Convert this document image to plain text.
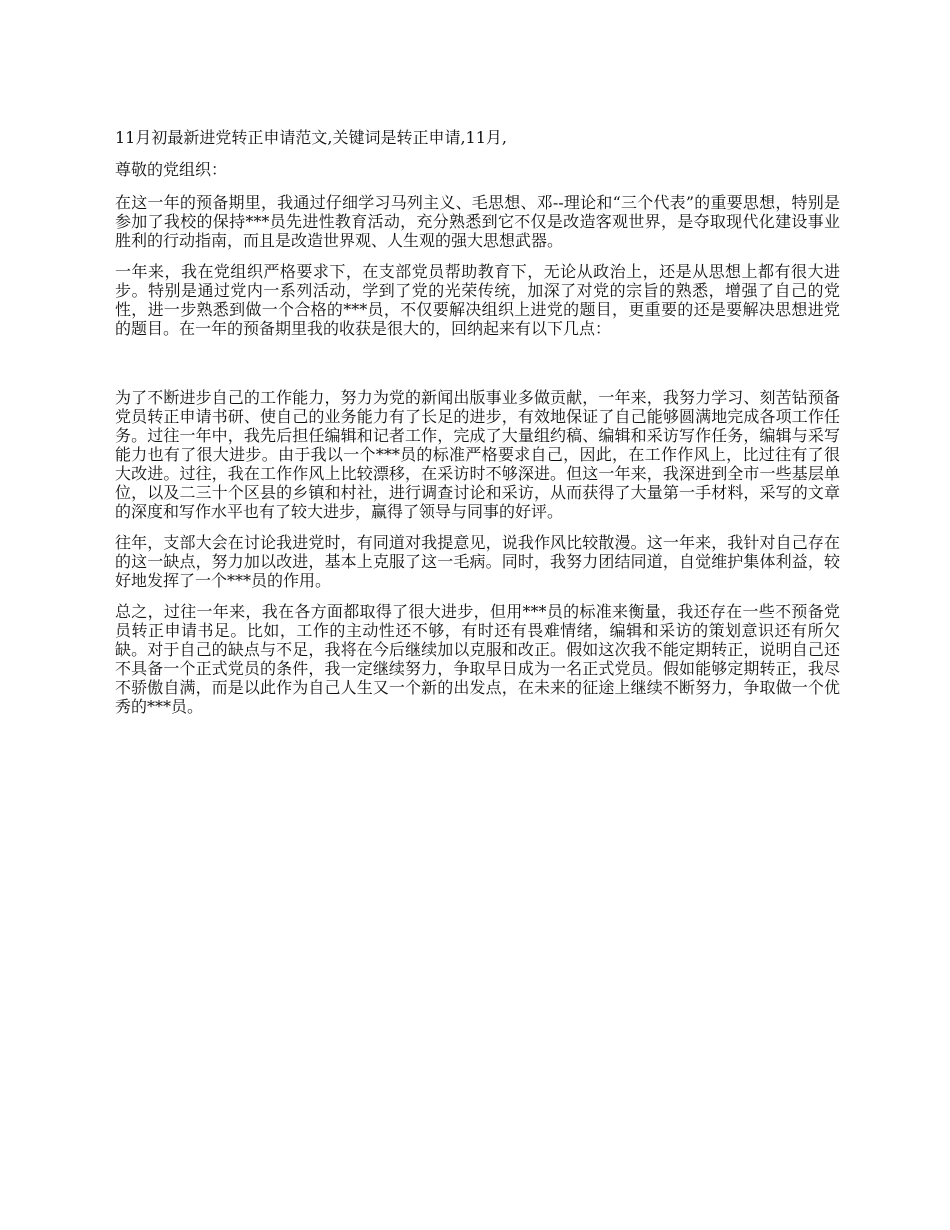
11月初最新进党转正申请范文,关键词是转正申请,11月,

尊敬的党组织：

在这一年的预备期里，我通过仔细学习马列主义、毛思想、邓--理论和“三个代表”的重要思想，特别是参加了我校的保持***员先进性教育活动，充分熟悉到它不仅是改造客观世界，是夺取现代化建设事业胜利的行动指南，而且是改造世界观、人生观的强大思想武器。

一年来，我在党组织严格要求下，在支部党员帮助教育下，无论从政治上，还是从思想上都有很大进步。特别是通过党内一系列活动，学到了党的光荣传统，加深了对党的宗旨的熟悉，增强了自己的党性，进一步熟悉到做一个合格的***员，不仅要解决组织上进党的题目，更重要的还是要解决思想进党的题目。在一年的预备期里我的收获是很大的，回纳起来有以下几点：

为了不断进步自己的工作能力，努力为党的新闻出版事业多做贡献，一年来，我努力学习、刻苦钻预备党员转正申请书研、使自己的业务能力有了长足的进步，有效地保证了自己能够圆满地完成各项工作任务。过往一年中，我先后担任编辑和记者工作，完成了大量组约稿、编辑和采访写作任务，编辑与采写能力也有了很大进步。由于我以一个***员的标准严格要求自己，因此，在工作作风上，比过往有了很大改进。过往，我在工作作风上比较漂移，在采访时不够深进。但这一年来，我深进到全市一些基层单位，以及二三十个区县的乡镇和村社，进行调查讨论和采访，从而获得了大量第一手材料，采写的文章的深度和写作水平也有了较大进步，赢得了领导与同事的好评。

往年，支部大会在讨论我进党时，有同道对我提意见，说我作风比较散漫。这一年来，我针对自己存在的这一缺点，努力加以改进，基本上克服了这一毛病。同时，我努力团结同道，自觉维护集体利益，较好地发挥了一个***员的作用。

总之，过往一年来，我在各方面都取得了很大进步，但用***员的标准来衡量，我还存在一些不预备党员转正申请书足。比如，工作的主动性还不够，有时还有畏难情绪，编辑和采访的策划意识还有所欠缺。对于自己的缺点与不足，我将在今后继续加以克服和改正。假如这次我不能定期转正，说明自己还不具备一个正式党员的条件，我一定继续努力，争取早日成为一名正式党员。假如能够定期转正，我尽不骄傲自满，而是以此作为自己人生又一个新的出发点，在未来的征途上继续不断努力，争取做一个优秀的***员。
